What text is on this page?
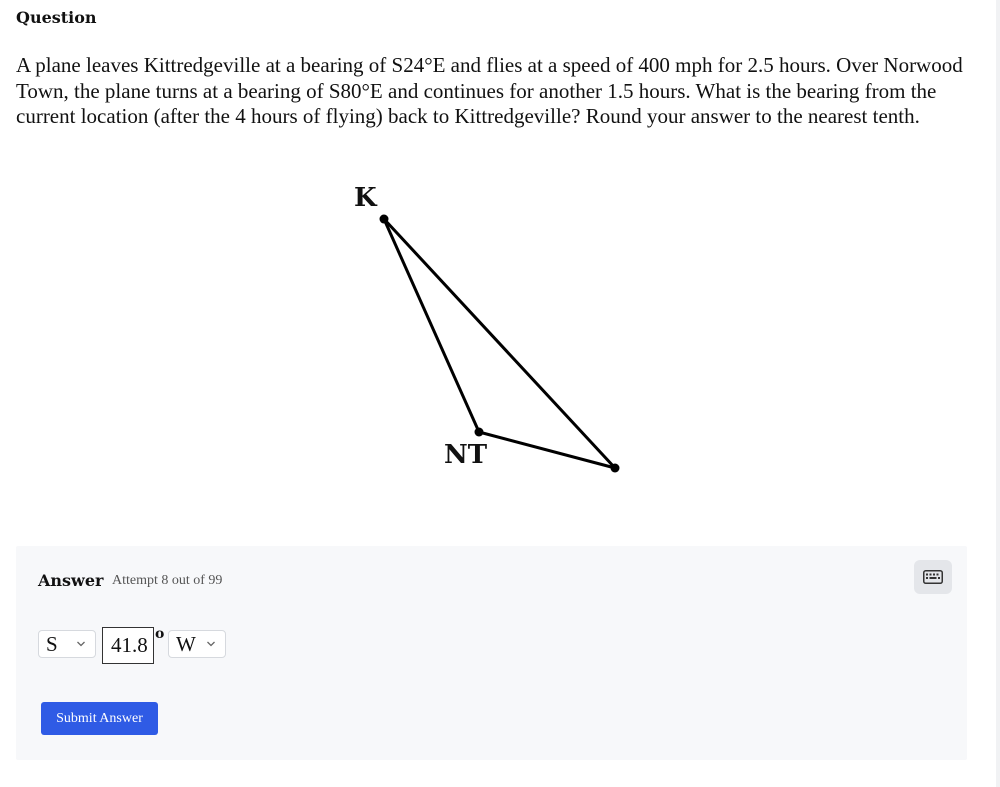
Question
A plane leaves Kittredgeville at a bearing of S24°E and flies at a speed of 400 mph for 2.5 hours. Over Norwood Town, the plane turns at a bearing of S80°E and continues for another 1.5 hours. What is the bearing from the current location (after the 4 hours of flying) back to Kittredgeville? Round your answer to the nearest tenth.
K
NT
Answer Attempt 8 out of 99
S
41.8	o W
Submit Answer
